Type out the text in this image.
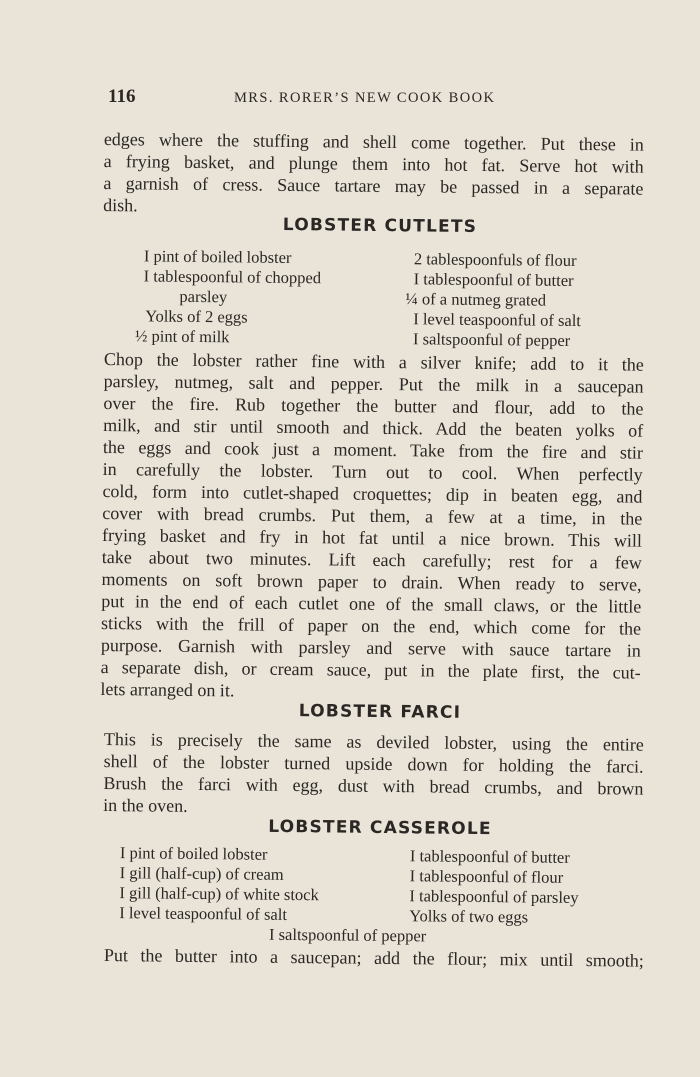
116	MRS. RORER’S NEW COOK BOOK
edges where the stuffing and shell come together. Put these in
a frying basket, and plunge them into hot fat. Serve hot with
a garnish of cress. Sauce tartare may be passed in a separate
dish.
LOBSTER CUTLETS
I pint of boiled lobster	2 tablespoonfuls of flour
I tablespoonful of chopped	I tablespoonful of butter
parsley	¼ of a nutmeg grated
Yolks of 2 eggs	I level teaspoonful of salt
½ pint of milk	I saltspoonful of pepper
Chop the lobster rather fine with a silver knife; add to it the
parsley, nutmeg, salt and pepper. Put the milk in a saucepan
over the fire. Rub together the butter and flour, add to the
milk, and stir until smooth and thick. Add the beaten yolks of
the eggs and cook just a moment. Take from the fire and stir
in carefully the lobster. Turn out to cool. When perfectly
cold, form into cutlet-shaped croquettes; dip in beaten egg, and
cover with bread crumbs. Put them, a few at a time, in the
frying basket and fry in hot fat until a nice brown. This will
take about two minutes. Lift each carefully; rest for a few
moments on soft brown paper to drain. When ready to serve,
put in the end of each cutlet one of the small claws, or the little
sticks with the frill of paper on the end, which come for the
purpose. Garnish with parsley and serve with sauce tartare in
a separate dish, or cream sauce, put in the plate first, the cut-
lets arranged on it.
LOBSTER FARCI
This is precisely the same as deviled lobster, using the entire
shell of the lobster turned upside down for holding the farci.
Brush the farci with egg, dust with bread crumbs, and brown
in the oven.
LOBSTER CASSEROLE
I pint of boiled lobster	I tablespoonful of butter
I gill (half-cup) of cream	I tablespoonful of flour
I gill (half-cup) of white stock	I tablespoonful of parsley
I level teaspoonful of salt	Yolks of two eggs
I saltspoonful of pepper
Put the butter into a saucepan; add the flour; mix until smooth;
